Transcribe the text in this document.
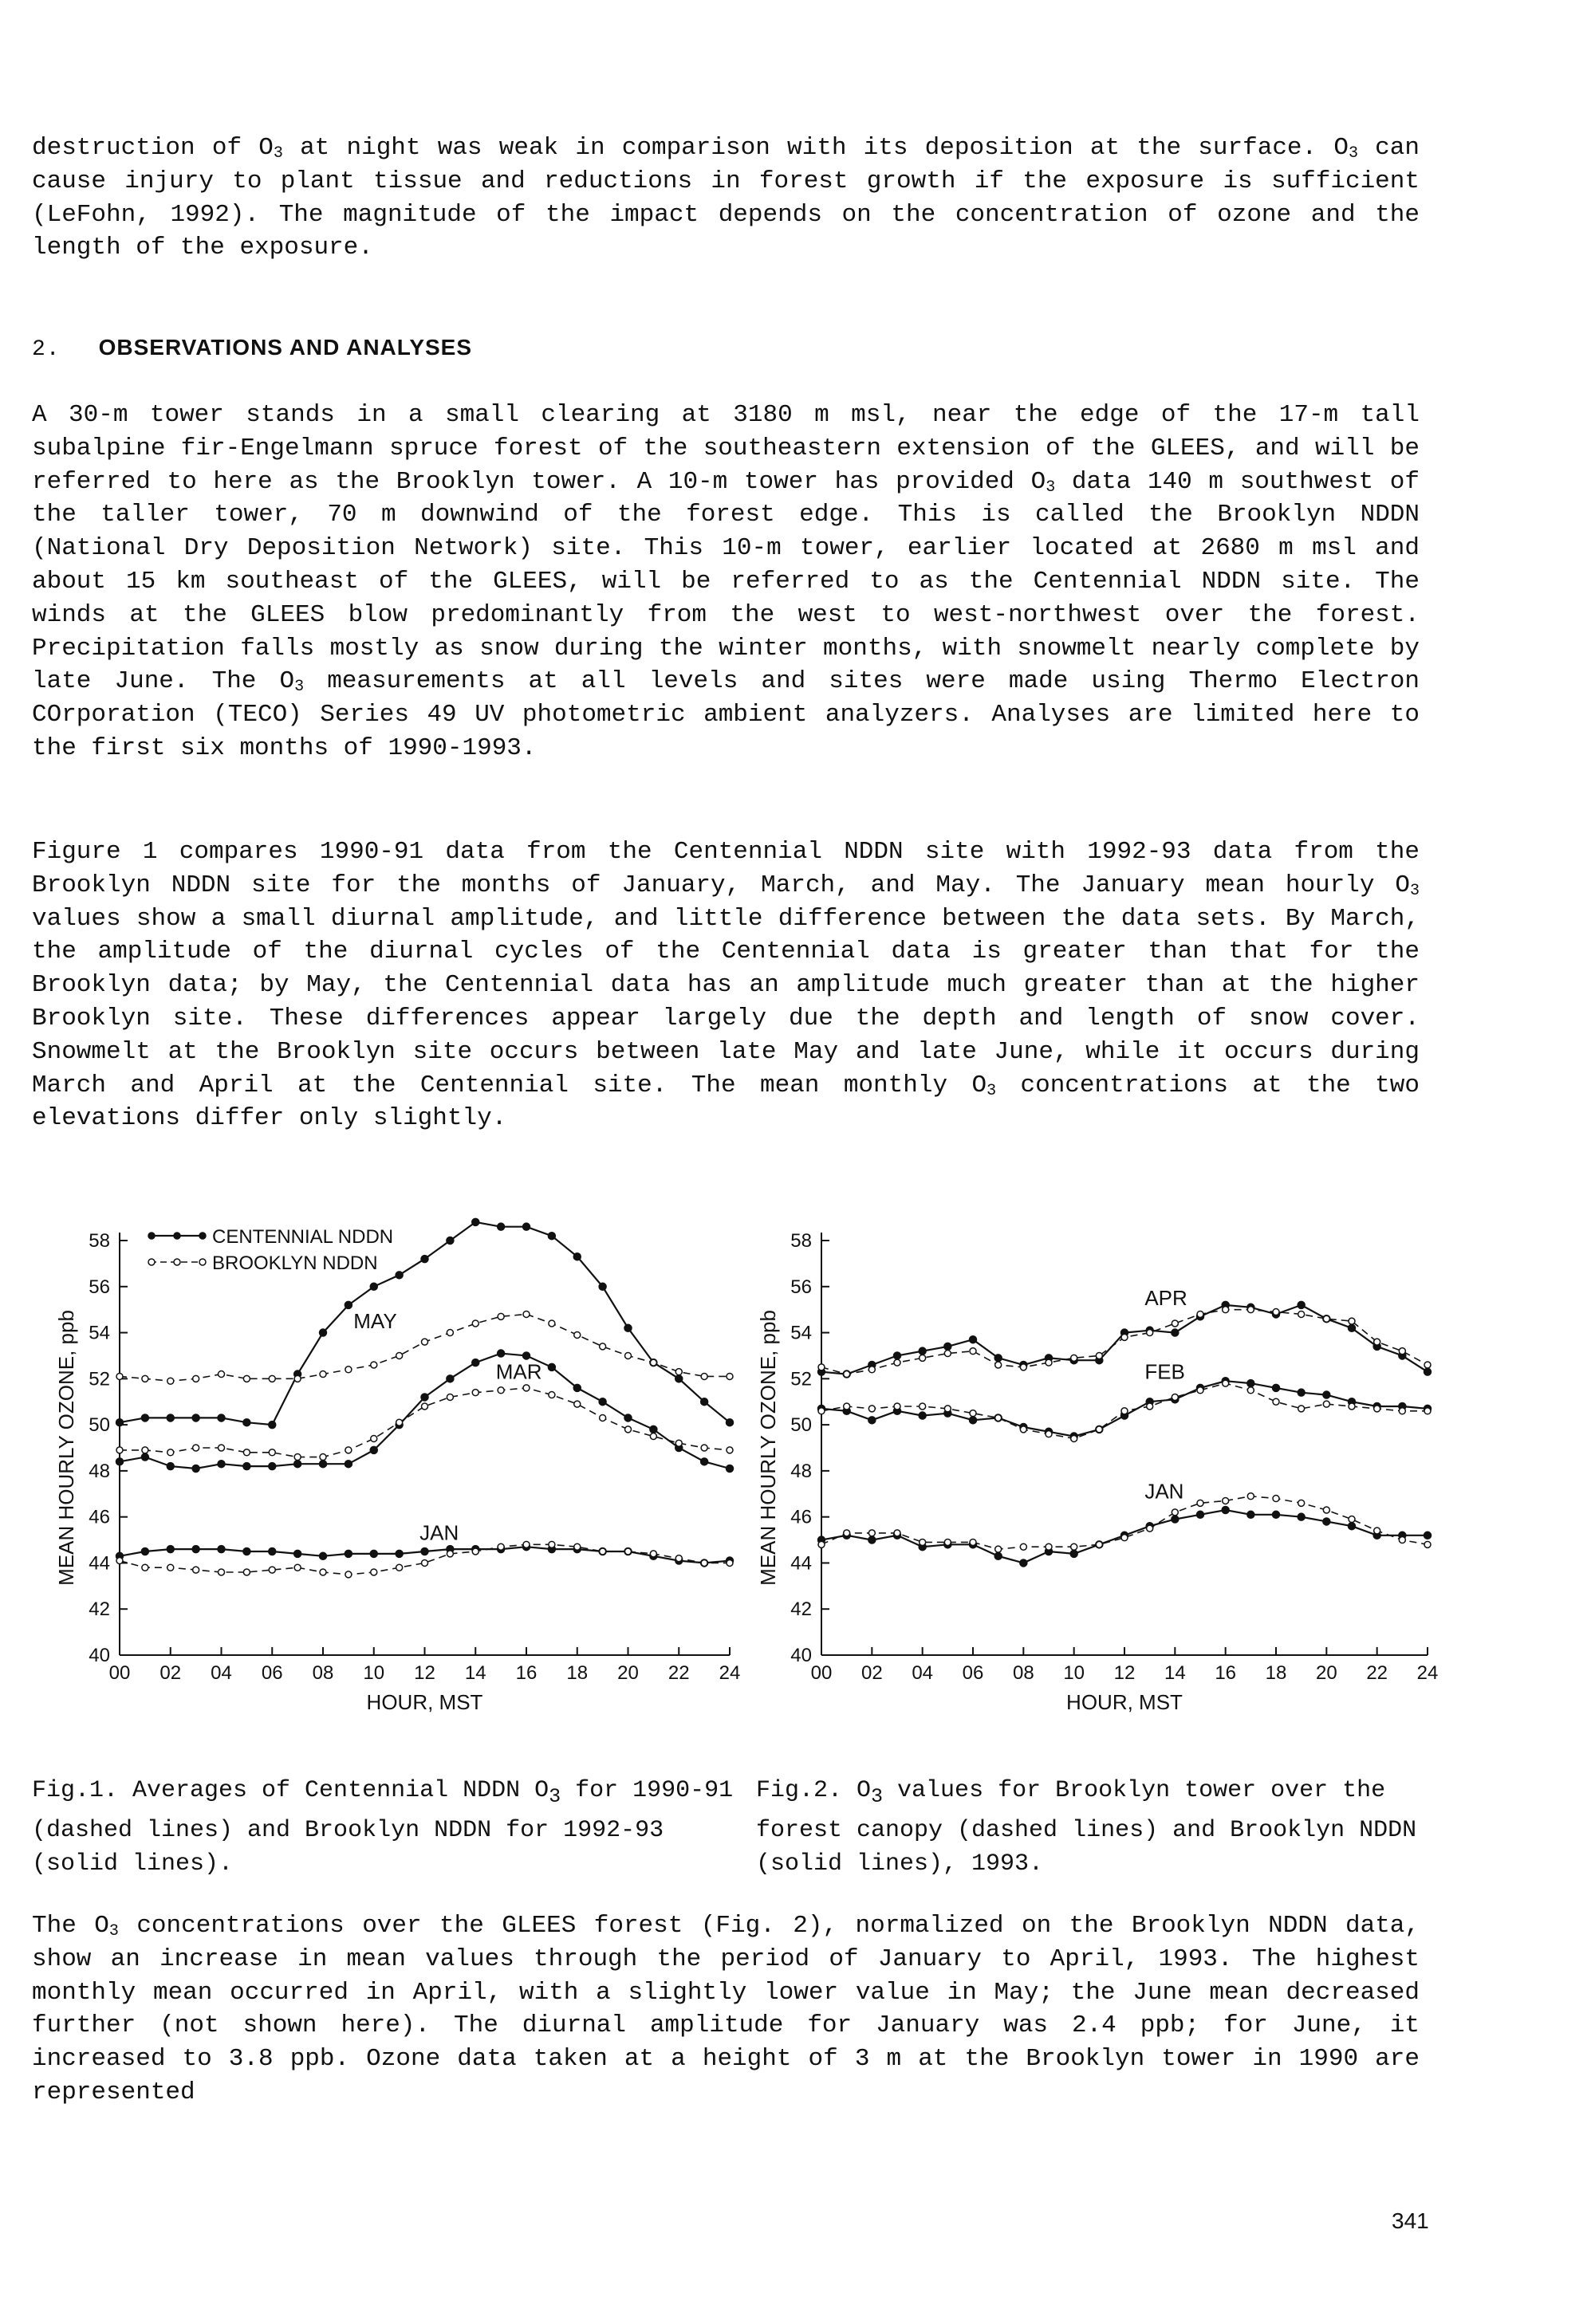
destruction of $O_3$ at night was weak in comparison with its deposition at the surface. $O_3$ can cause injury to plant tissue and reductions in forest growth if the exposure is sufficient (LeFohn, 1992). The magnitude of the impact depends on the concentration of ozone and the length of the exposure.

2. OBSERVATIONS AND ANALYSES

A 30-m tower stands in a small clearing at 3180 m msl, near the edge of the 17-m tall subalpine fir-Engelmann spruce forest of the southeastern extension of the GLEES, and will be referred to here as the Brooklyn tower. A 10-m tower has provided $O_3$ data 140 m southwest of the taller tower, 70 m downwind of the forest edge. This is called the Brooklyn NDDN (National Dry Deposition Network) site. This 10-m tower, earlier located at 2680 m msl and about 15 km southeast of the GLEES, will be referred to as the Centennial NDDN site. The winds at the GLEES blow predominantly from the west to west-northwest over the forest. Precipitation falls mostly as snow during the winter months, with snowmelt nearly complete by late June. The $O_3$ measurements at all levels and sites were made using Thermo Electron COrporation (TECO) Series 49 UV photometric ambient analyzers. Analyses are limited here to the first six months of 1990-1993.

Figure 1 compares 1990-91 data from the Centennial NDDN site with 1992-93 data from the Brooklyn NDDN site for the months of January, March, and May. The January mean hourly $O_3$ values show a small diurnal amplitude, and little difference between the data sets. By March, the amplitude of the diurnal cycles of the Centennial data is greater than that for the Brooklyn data; by May, the Centennial data has an amplitude much greater than at the higher Brooklyn site. These differences appear largely due the depth and length of snow cover. Snowmelt at the Brooklyn site occurs between late May and late June, while it occurs during March and April at the Centennial site. The mean monthly $O_3$ concentrations at the two elevations differ only slightly.

40
42
44
46
48
50
52
54
56
58
00 02 04 06 08 10 12 14 16 18 20 22 24
HOUR, MST
MEAN HOURLY OZONE, ppb	MAY
MAR
JAN
CENTENNIAL NDDN
BROOKLYN NDDN
40
42
44
46
48
50
52
54
56
58
00 02 04 06 08 10 12 14 16 18 20 22 24
HOUR, MST
MEAN HOURLY OZONE, ppb
APR
FEB
JAN

Fig.1. Averages of Centennial NDDN $O_3$ for 1990-91 (dashed lines) and Brooklyn NDDN for 1992-93 (solid lines).

Fig.2. $O_3$ values for Brooklyn tower over the forest canopy (dashed lines) and Brooklyn NDDN (solid lines), 1993.

The $O_3$ concentrations over the GLEES forest (Fig. 2), normalized on the Brooklyn NDDN data, show an increase in mean values through the period of January to April, 1993. The highest monthly mean occurred in April, with a slightly lower value in May; the June mean decreased further (not shown here). The diurnal amplitude for January was 2.4 ppb; for June, it increased to 3.8 ppb. Ozone data taken at a height of 3 m at the Brooklyn tower in 1990 are represented

341
